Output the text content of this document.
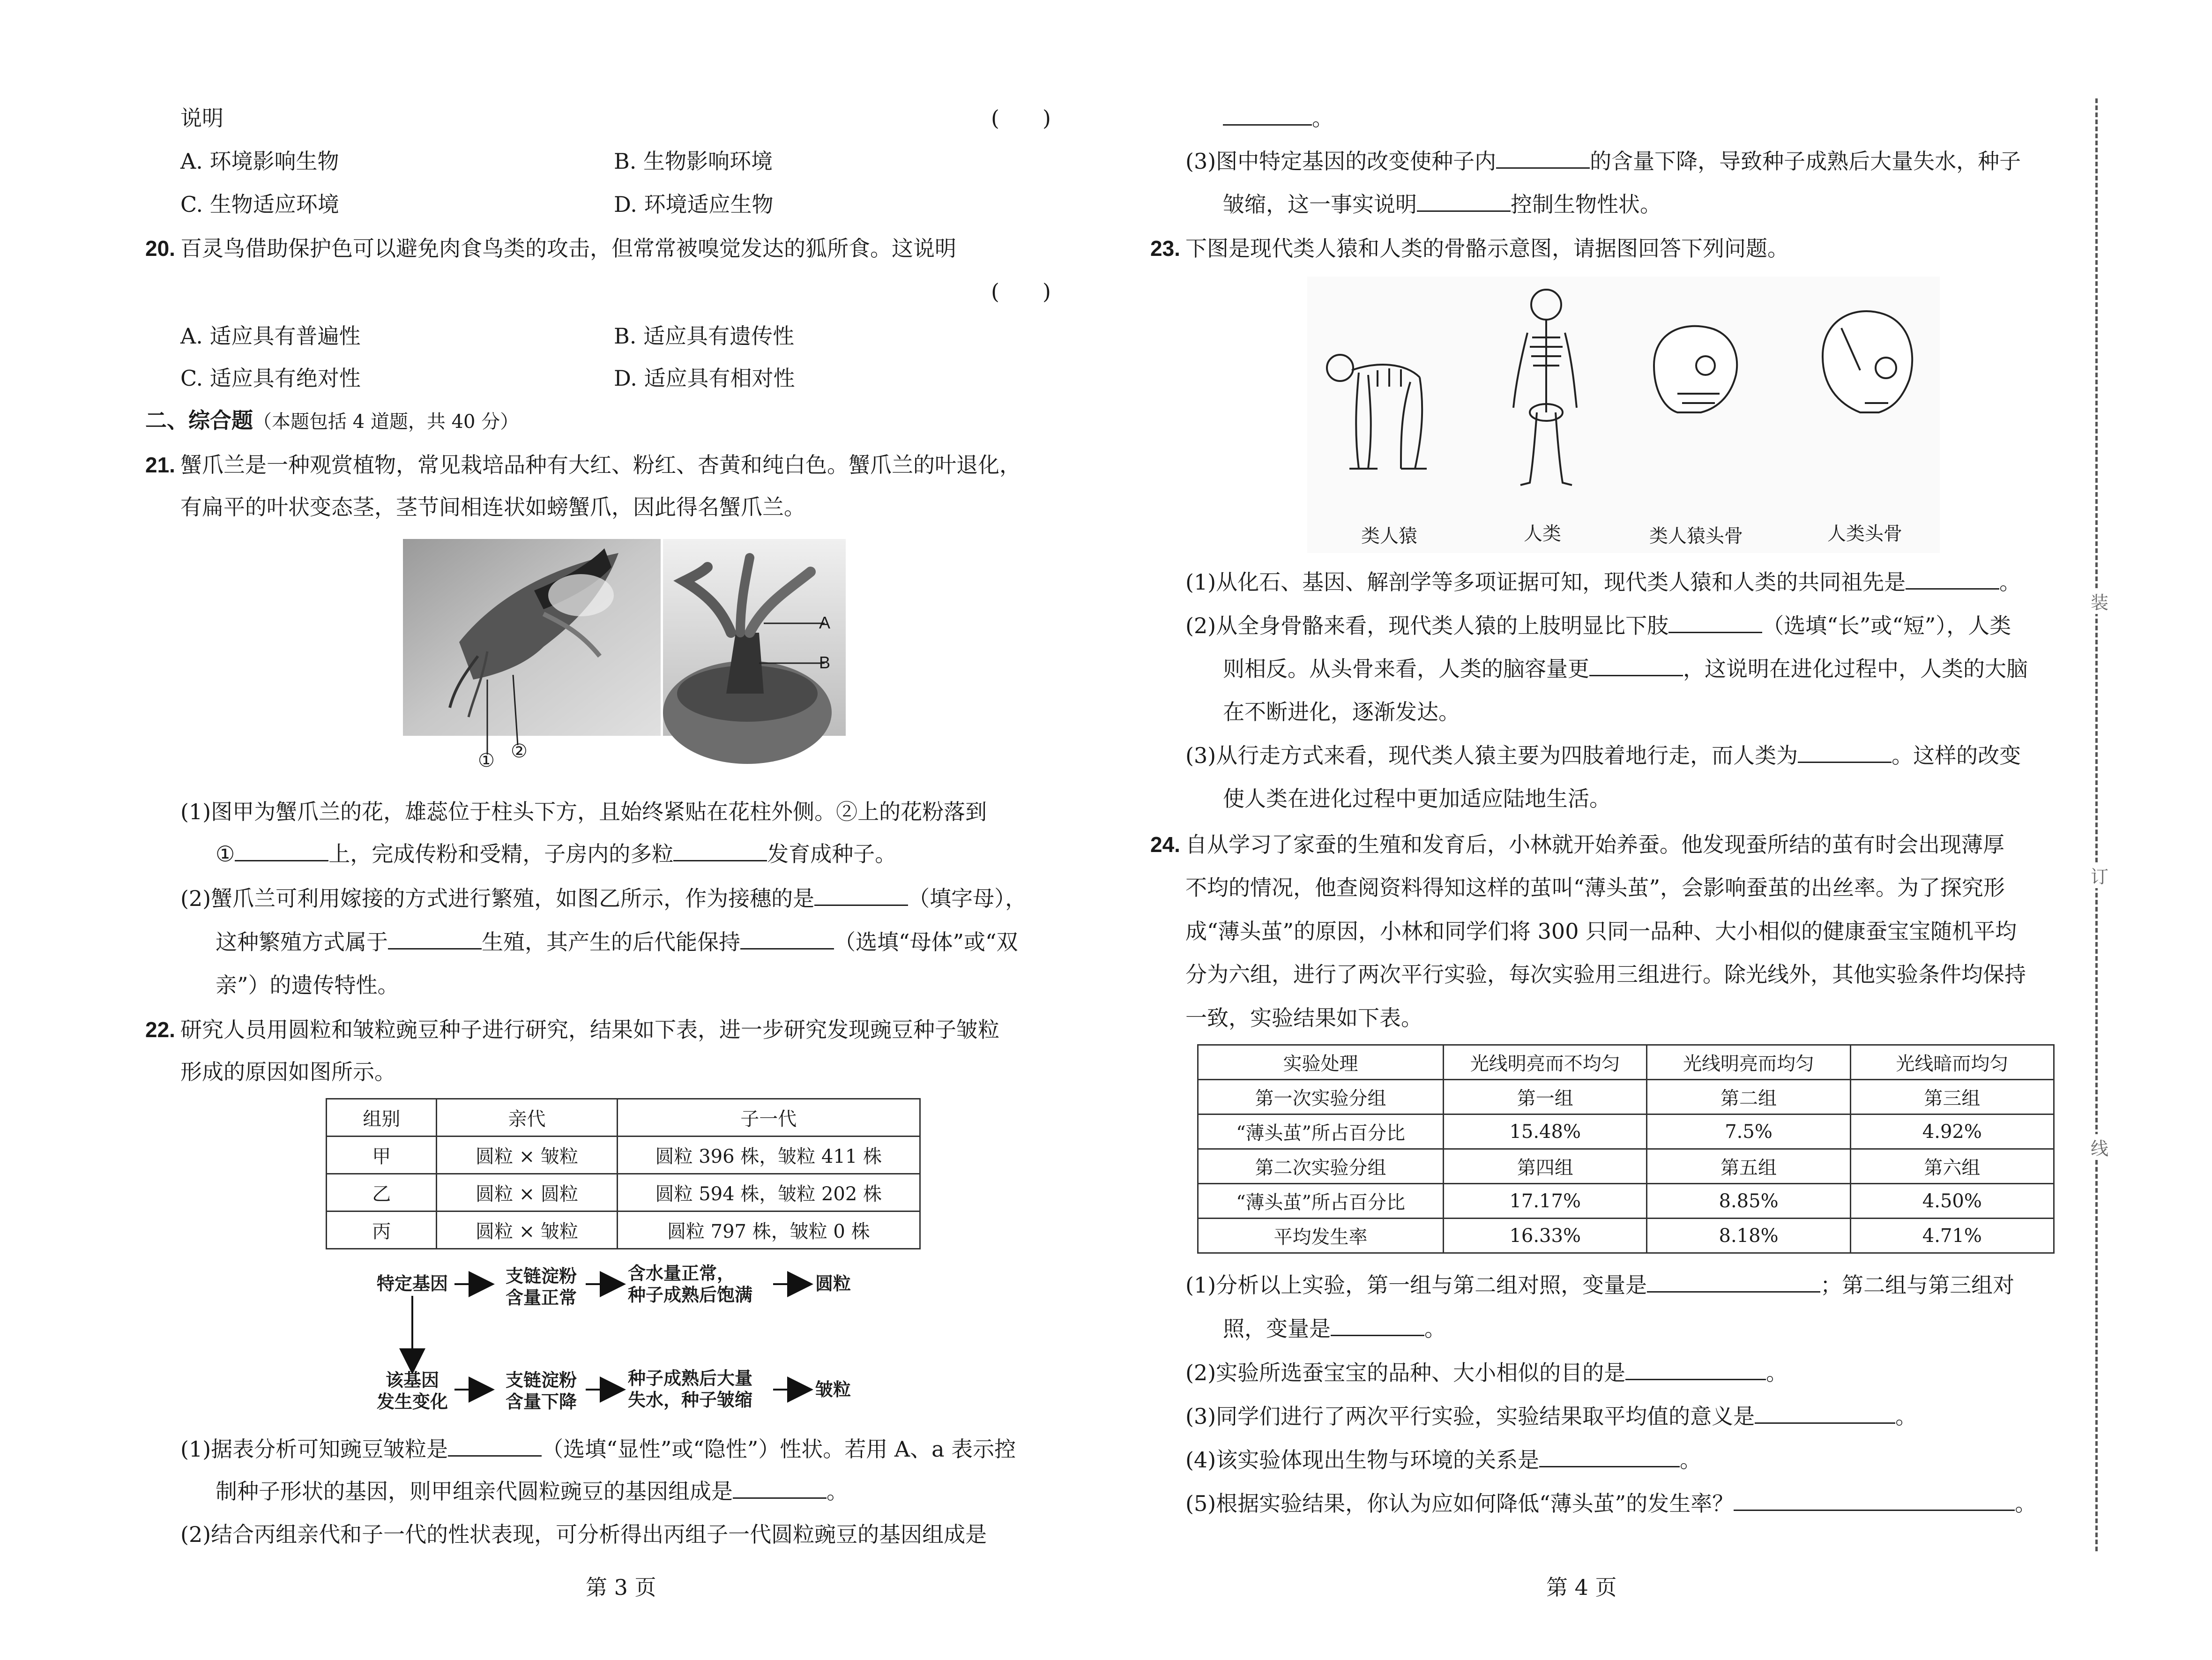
说明	(　　)
A. 环境影响生物	B. 生物影响环境
C. 生物适应环境	D. 环境适应生物
20. 百灵鸟借助保护色可以避免肉食鸟类的攻击，但常常被嗅觉发达的狐所食。这说明
(　　)
A. 适应具有普遍性	B. 适应具有遗传性
C. 适应具有绝对性	D. 适应具有相对性
二、综合题（本题包括 4 道题，共 40 分）
21. 蟹爪兰是一种观赏植物，常见栽培品种有大红、粉红、杏黄和纯白色。蟹爪兰的叶退化，
有扁平的叶状变态茎，茎节间相连状如螃蟹爪，因此得名蟹爪兰。
A
B
① ②
(1)图甲为蟹爪兰的花，雄蕊位于柱头下方，且始终紧贴在花柱外侧。②上的花粉落到
①	上，完成传粉和受精，子房内的多粒	发育成种子。
(2)蟹爪兰可利用嫁接的方式进行繁殖，如图乙所示，作为接穗的是	（填字母），
这种繁殖方式属于	生殖，其产生的后代能保持	（选填“母体”或“双
亲”）的遗传特性。
22. 研究人员用圆粒和皱粒豌豆种子进行研究，结果如下表，进一步研究发现豌豆种子皱粒
形成的原因如图所示。
组别	亲代	子一代
甲	圆粒 × 皱粒	圆粒 396 株，皱粒 411 株
乙	圆粒 × 圆粒	圆粒 594 株，皱粒 202 株
丙	圆粒 × 皱粒	圆粒 797 株，皱粒 0 株
特定基因	支链淀粉
含量正常
含水量正常，
种子成熟后饱满
圆粒
该基因
发生变化
支链淀粉
含量下降
种子成熟后大量
失水，种子皱缩	皱粒
(1)据表分析可知豌豆皱粒是	（选填“显性”或“隐性”）性状。若用 A、a 表示控
制种子形状的基因，则甲组亲代圆粒豌豆的基因组成是	。
(2)结合丙组亲代和子一代的性状表现，可分析得出丙组子一代圆粒豌豆的基因组成是
第 3 页
。
(3)图中特定基因的改变使种子内	的含量下降，导致种子成熟后大量失水，种子
皱缩，这一事实说明	控制生物性状。
23. 下图是现代类人猿和人类的骨骼示意图，请据图回答下列问题。
类人猿	人类	类人猿头骨	人类头骨
(1)从化石、基因、解剖学等多项证据可知，现代类人猿和人类的共同祖先是	。
(2)从全身骨骼来看，现代类人猿的上肢明显比下肢	（选填“长”或“短”），人类
则相反。从头骨来看，人类的脑容量更	，这说明在进化过程中，人类的大脑
在不断进化，逐渐发达。
(3)从行走方式来看，现代类人猿主要为四肢着地行走，而人类为	。这样的改变
使人类在进化过程中更加适应陆地生活。
24. 自从学习了家蚕的生殖和发育后，小林就开始养蚕。他发现蚕所结的茧有时会出现薄厚
不均的情况，他查阅资料得知这样的茧叫“薄头茧”，会影响蚕茧的出丝率。为了探究形
成“薄头茧”的原因，小林和同学们将 300 只同一品种、大小相似的健康蚕宝宝随机平均
分为六组，进行了两次平行实验，每次实验用三组进行。除光线外，其他实验条件均保持
一致，实验结果如下表。
实验处理	光线明亮而不均匀	光线明亮而均匀	光线暗而均匀
第一次实验分组	第一组	第二组	第三组
“薄头茧”所占百分比	15.48%	7.5%	4.92%
第二次实验分组	第四组	第五组	第六组
“薄头茧”所占百分比	17.17%	8.85%	4.50%
平均发生率	16.33%	8.18%	4.71%
(1)分析以上实验，第一组与第二组对照，变量是	；第二组与第三组对
照，变量是	。
(2)实验所选蚕宝宝的品种、大小相似的目的是	。
(3)同学们进行了两次平行实验，实验结果取平均值的意义是	。
(4)该实验体现出生物与环境的关系是	。
(5)根据实验结果，你认为应如何降低“薄头茧”的发生率？	。
第 4 页
装
订
线
